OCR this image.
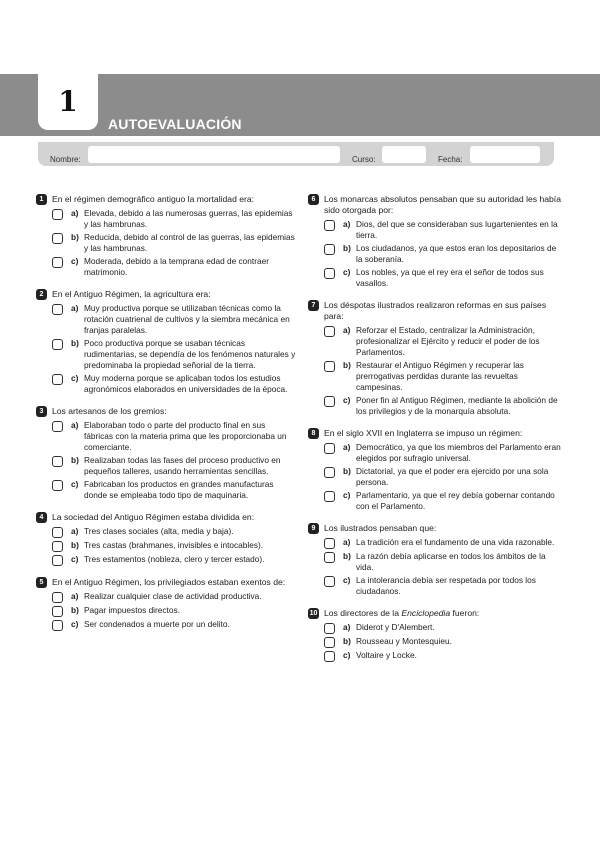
1
AUTOEVALUACIÓN
Nombre:	Curso:	Fecha:
1 En el régimen demográfico antiguo la mortalidad era:
a) Elevada, debido a las numerosas guerras, las epidemias y las hambrunas.
b) Reducida, debido al control de las guerras, las epidemias y las hambrunas.
c) Moderada, debido a la temprana edad de contraer matrimonio.
2 En el Antiguo Régimen, la agricultura era:
a) Muy productiva porque se utilizaban técnicas como la rotación cuatrienal de cultivos y la siembra mecánica en franjas paralelas.
b) Poco productiva porque se usaban técnicas rudimentarias, se dependía de los fenómenos naturales y predominaba la propiedad señorial de la tierra.
c) Muy moderna porque se aplicaban todos los estudios agronómicos elaborados en universidades de la época.
3 Los artesanos de los gremios:
a) Elaboraban todo o parte del producto final en sus fábricas con la materia prima que les proporcionaba un comerciante.
b) Realizaban todas las fases del proceso productivo en pequeños talleres, usando herramientas sencillas.
c) Fabricaban los productos en grandes manufacturas donde se empleaba todo tipo de maquinaria.
4 La sociedad del Antiguo Régimen estaba dividida en:
a) Tres clases sociales (alta, media y baja).
b) Tres castas (brahmanes, invisibles e intocables).
c) Tres estamentos (nobleza, clero y tercer estado).
5 En el Antiguo Régimen, los privilegiados estaban exentos de:
a) Realizar cualquier clase de actividad productiva.
b) Pagar impuestos directos.
c) Ser condenados a muerte por un delito.
6 Los monarcas absolutos pensaban que su autoridad les había sido otorgada por:
a) Dios, del que se consideraban sus lugartenientes en la tierra.
b) Los ciudadanos, ya que estos eran los depositarios de la soberanía.
c) Los nobles, ya que el rey era el señor de todos sus vasallos.
7 Los déspotas ilustrados realizaron reformas en sus países para:
a) Reforzar el Estado, centralizar la Administración, profesionalizar el Ejército y reducir el poder de los Parlamentos.
b) Restaurar el Antiguo Régimen y recuperar las prerrogativas perdidas durante las revueltas campesinas.
c) Poner fin al Antiguo Régimen, mediante la abolición de los privilegios y de la monarquía absoluta.
8 En el siglo XVII en Inglaterra se impuso un régimen:
a) Democrático, ya que los miembros del Parlamento eran elegidos por sufragio universal.
b) Dictatorial, ya que el poder era ejercido por una sola persona.
c) Parlamentario, ya que el rey debía gobernar contando con el Parlamento.
9 Los ilustrados pensaban que:
a) La tradición era el fundamento de una vida razonable.
b) La razón debía aplicarse en todos los ámbitos de la vida.
c) La intolerancia debía ser respetada por todos los ciudadanos.
10 Los directores de la Enciclopedia fueron:
a) Diderot y D'Alembert.
b) Rousseau y Montesquieu.
c) Voltaire y Locke.
